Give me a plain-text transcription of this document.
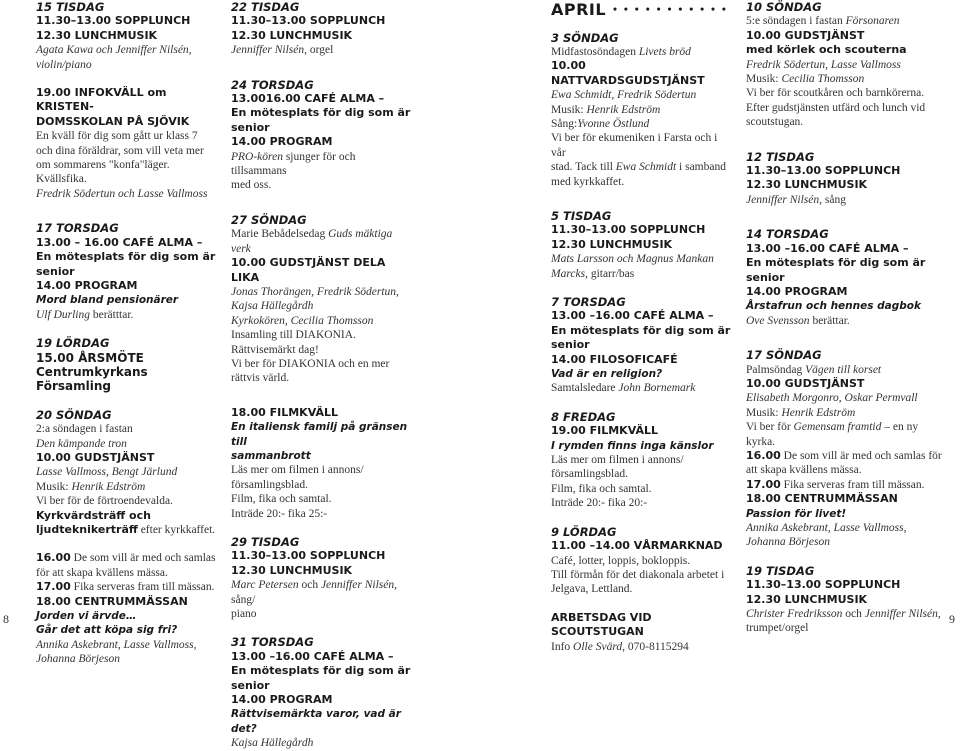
8	9
15 TISDAG
11.30–13.00 SOPPLUNCH
12.30 LUNCHMUSIK
Agata Kawa och Jenniffer Nilsén,
violin/piano
19.00 INFOKVÄLL om KRISTEN-
DOMSSKOLAN PÅ SJÖVIK
En kväll för dig som gått ur klass 7
och dina föräldrar, som vill veta mer
om sommarens "konfa"läger. Kvällsfika.
Fredrik Södertun och Lasse Vallmoss
17 TORSDAG
13.00 – 16.00 CAFÉ ALMA –
En mötesplats för dig som är senior
14.00 PROGRAM
Mord bland pensionärer
Ulf Durling berätttar.
19 LÖRDAG
15.00 ÅRSMÖTE
Centrumkyrkans Församling
20 SÖNDAG
2:a söndagen i fastan
Den kämpande tron
10.00 GUDSTJÄNST
Lasse Vallmoss, Bengt Järlund
Musik: Henrik Edström
Vi ber för de förtroendevalda.
Kyrkvärdsträff och
ljudteknikerträff efter kyrkkaffet.
16.00 De som vill är med och samlas
för att skapa kvällens mässa.
17.00 Fika serveras fram till mässan.
18.00 CENTRUMMÄSSAN
Jorden vi ärvde…
Går det att köpa sig fri?
Annika Askebrant, Lasse Vallmoss,
Johanna Börjeson
22 TISDAG
11.30–13.00 SOPPLUNCH
12.30 LUNCHMUSIK
Jenniffer Nilsén, orgel
24 TORSDAG
13.0016.00 CAFÉ ALMA –
En mötesplats för dig som är senior
14.00 PROGRAM
PRO-kören sjunger för och tillsammans
med oss.
27 SÖNDAG
Marie Bebådelsedag Guds mäktiga verk
10.00 GUDSTJÄNST DELA LIKA
Jonas Thorängen, Fredrik Södertun,
Kajsa Hällegårdh
Kyrkokören, Cecilia Thomsson
Insamling till DIAKONIA.
Rättvisemärkt dag!
Vi ber för DIAKONIA och en mer
rättvis värld.
18.00 FILMKVÄLL
En italiensk familj på gränsen till
sammanbrott
Läs mer om filmen i annons/
församlingsblad.
Film, fika och samtal.
Inträde 20:- fika 25:-
29 TISDAG
11.30–13.00 SOPPLUNCH
12.30 LUNCHMUSIK
Marc Petersen och Jenniffer Nilsén, sång/
piano
31 TORSDAG
13.00 –16.00 CAFÉ ALMA –
En mötesplats för dig som är senior
14.00 PROGRAM
Rättvisemärkta varor, vad är det?
Kajsa Hällegårdh
APRIL • • • • • • • • • • •
3 SÖNDAG
Midfastosöndagen Livets bröd
10.00 NATTVARDSGUDSTJÄNST
Ewa Schmidt, Fredrik Södertun
Musik: Henrik Edström
Sång:Yvonne Östlund
Vi ber för ekumeniken i Farsta och i vår
stad. Tack till Ewa Schmidt i samband
med kyrkkaffet.
5 TISDAG
11.30–13.00 SOPPLUNCH
12.30 LUNCHMUSIK
Mats Larsson och Magnus Mankan
Marcks, gitarr/bas
7 TORSDAG
13.00 –16.00 CAFÉ ALMA –
En mötesplats för dig som är senior
14.00 FILOSOFICAFÉ
Vad är en religion?
Samtalsledare John Bornemark
8 FREDAG
19.00 FILMKVÄLL
I rymden finns inga känslor
Läs mer om filmen i annons/
församlingsblad.
Film, fika och samtal.
Inträde 20:- fika 20:-
9 LÖRDAG
11.00 –14.00 VÅRMARKNAD
Café, lotter, loppis, bokloppis.
Till förmån för det diakonala arbetet i
Jelgava, Lettland.
ARBETSDAG VID SCOUTSTUGAN
Info Olle Svärd, 070-8115294
10 SÖNDAG
5:e söndagen i fastan Försonaren
10.00 GUDSTJÄNST
med körlek och scouterna
Fredrik Södertun, Lasse Vallmoss
Musik: Cecilia Thomsson
Vi ber för scoutkåren och barnkörerna.
Efter gudstjänsten utfärd och lunch vid
scoutstugan.
12 TISDAG
11.30–13.00 SOPPLUNCH
12.30 LUNCHMUSIK
Jenniffer Nilsén, sång
14 TORSDAG
13.00 –16.00 CAFÉ ALMA –
En mötesplats för dig som är senior
14.00 PROGRAM
Årstafrun och hennes dagbok
Ove Svensson berättar.
17 SÖNDAG
Palmsöndag Vägen till korset
10.00 GUDSTJÄNST
Elisabeth Morgonro, Oskar Permvall
Musik: Henrik Edström
Vi ber för Gemensam framtid – en ny kyrka.
16.00 De som vill är med och samlas för
att skapa kvällens mässa.
17.00 Fika serveras fram till mässan.
18.00 CENTRUMMÄSSAN
Passion för livet!
Annika Askebrant, Lasse Vallmoss,
Johanna Börjeson
19 TISDAG
11.30–13.00 SOPPLUNCH
12.30 LUNCHMUSIK
Christer Fredriksson och Jenniffer Nilsén,
trumpet/orgel
